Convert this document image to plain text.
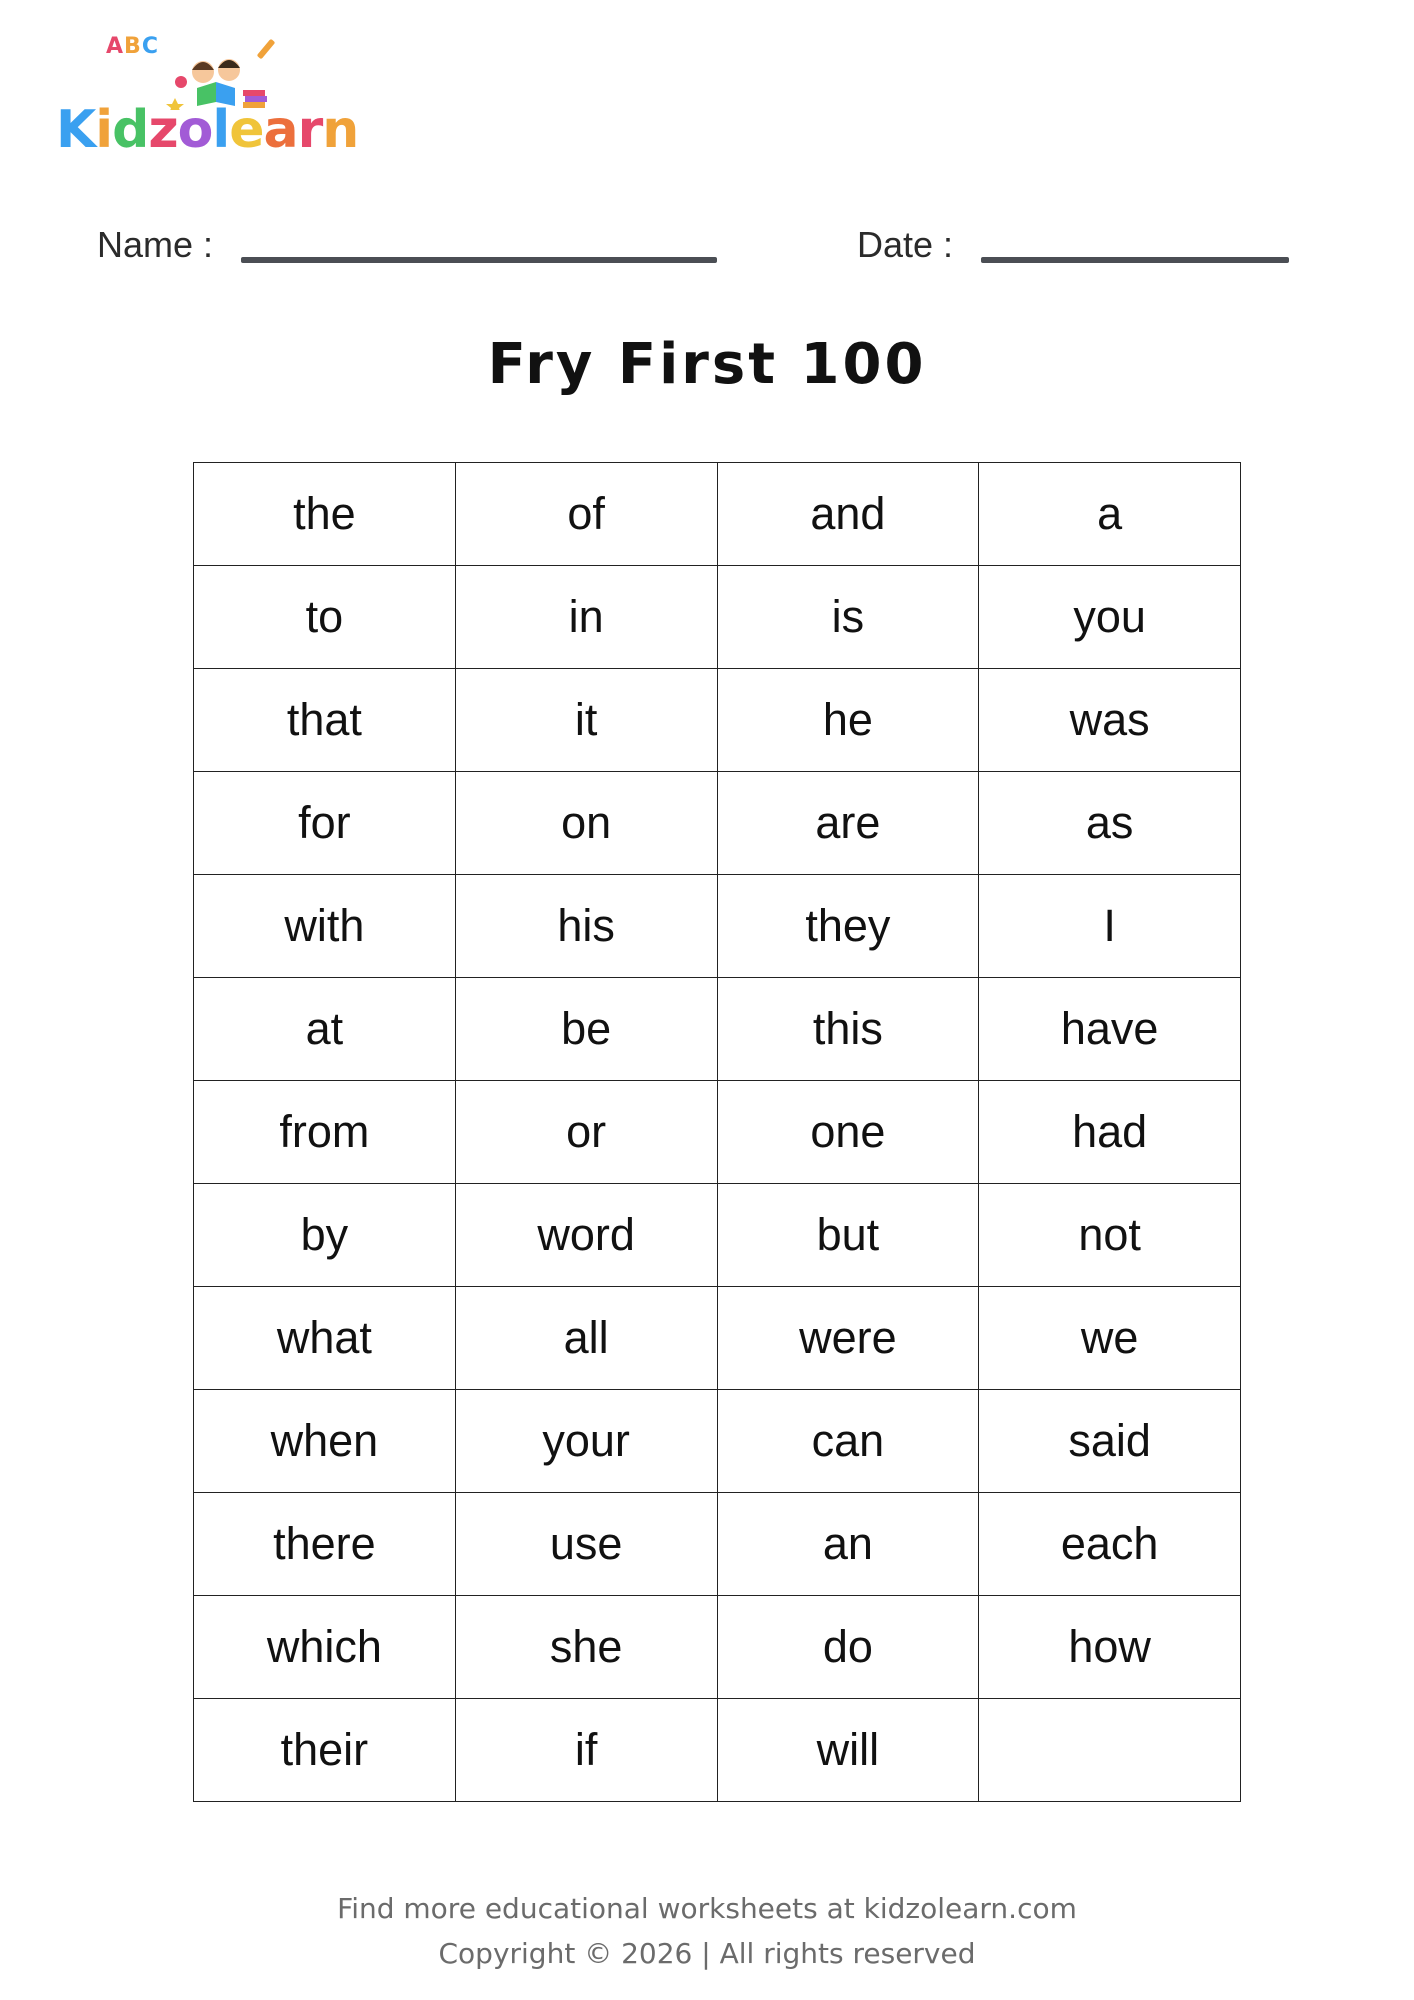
ABC
Kidzolearn
Name :	Date :
Fry First 100
the	of	and	a
to	in	is	you
that	it	he	was
for	on	are	as
with	his	they	I
at	be	this	have
from	or	one	had
by	word	but	not
what	all	were	we
when	your	can	said
there	use	an	each
which	she	do	how
their	if	will	
Find more educational worksheets at kidzolearn.com
Copyright © 2026 | All rights reserved
